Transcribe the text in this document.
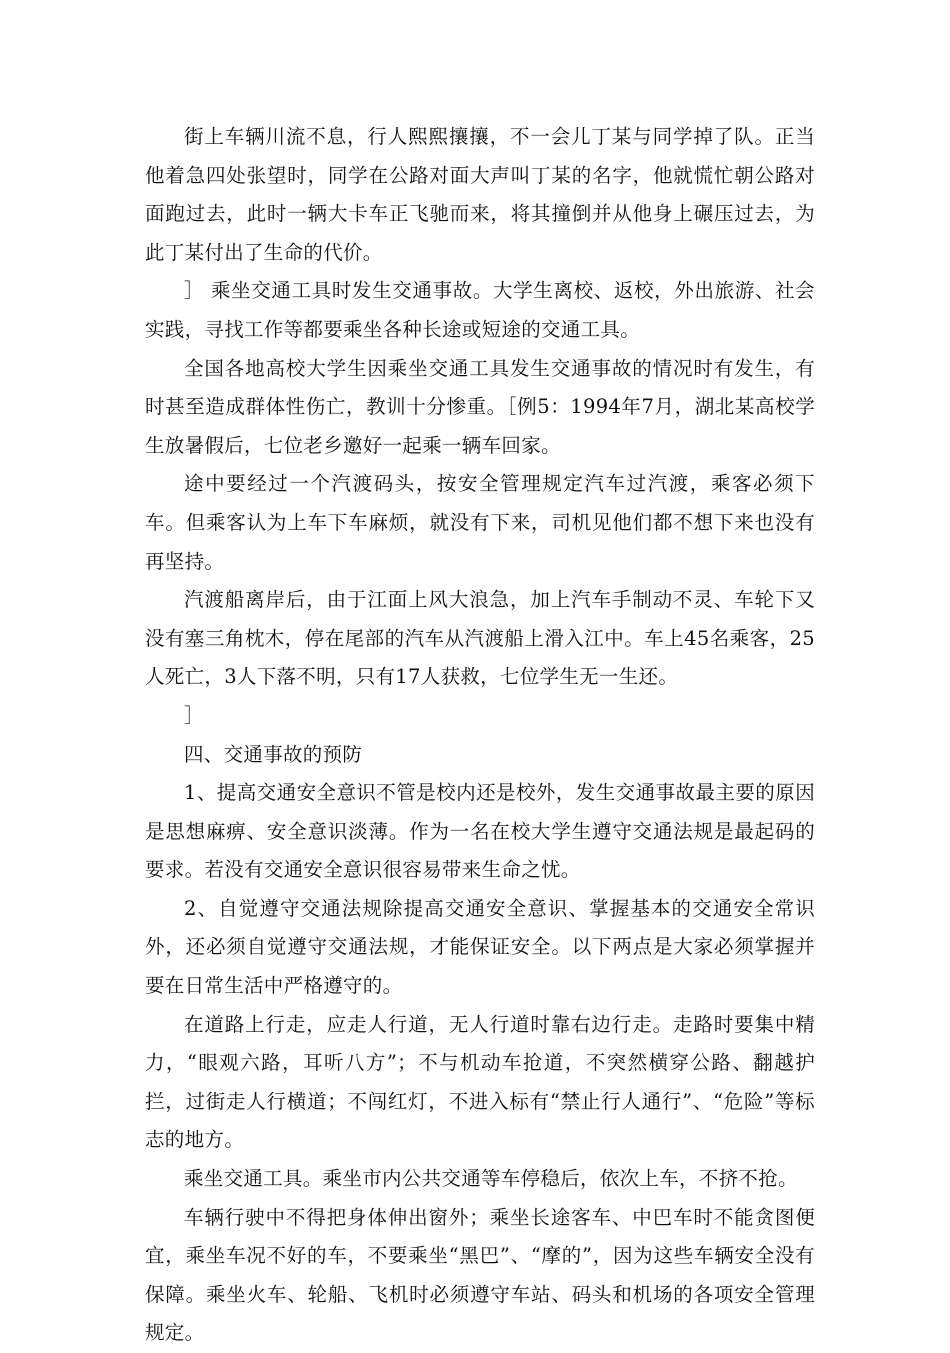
街上车辆川流不息，行人熙熙攘攘，不一会儿丁某与同学掉了队。正当他着急四处张望时，同学在公路对面大声叫丁某的名字，他就慌忙朝公路对面跑过去，此时一辆大卡车正飞驰而来，将其撞倒并从他身上碾压过去，为此丁某付出了生命的代价。

］ 乘坐交通工具时发生交通事故。大学生离校、返校，外出旅游、社会实践，寻找工作等都要乘坐各种长途或短途的交通工具。

全国各地高校大学生因乘坐交通工具发生交通事故的情况时有发生，有时甚至造成群体性伤亡，教训十分惨重。［例5：1994年7月，湖北某高校学生放暑假后，七位老乡邀好一起乘一辆车回家。

途中要经过一个汽渡码头，按安全管理规定汽车过汽渡，乘客必须下车。但乘客认为上车下车麻烦，就没有下来，司机见他们都不想下来也没有再坚持。

汽渡船离岸后，由于江面上风大浪急，加上汽车手制动不灵、车轮下又没有塞三角枕木，停在尾部的汽车从汽渡船上滑入江中。车上45名乘客，25人死亡，3人下落不明，只有17人获救，七位学生无一生还。

］

四、交通事故的预防

1、提高交通安全意识不管是校内还是校外，发生交通事故最主要的原因是思想麻痹、安全意识淡薄。作为一名在校大学生遵守交通法规是最起码的要求。若没有交通安全意识很容易带来生命之忧。

2、自觉遵守交通法规除提高交通安全意识、掌握基本的交通安全常识外，还必须自觉遵守交通法规，才能保证安全。以下两点是大家必须掌握并要在日常生活中严格遵守的。

在道路上行走，应走人行道，无人行道时靠右边行走。走路时要集中精力，“眼观六路，耳听八方”；不与机动车抢道，不突然横穿公路、翻越护拦，过街走人行横道；不闯红灯，不进入标有“禁止行人通行”、“危险”等标志的地方。

乘坐交通工具。乘坐市内公共交通等车停稳后，依次上车，不挤不抢。

车辆行驶中不得把身体伸出窗外；乘坐长途客车、中巴车时不能贪图便宜，乘坐车况不好的车，不要乘坐“黑巴”、“摩的”，因为这些车辆安全没有保障。乘坐火车、轮船、飞机时必须遵守车站、码头和机场的各项安全管理规定。
